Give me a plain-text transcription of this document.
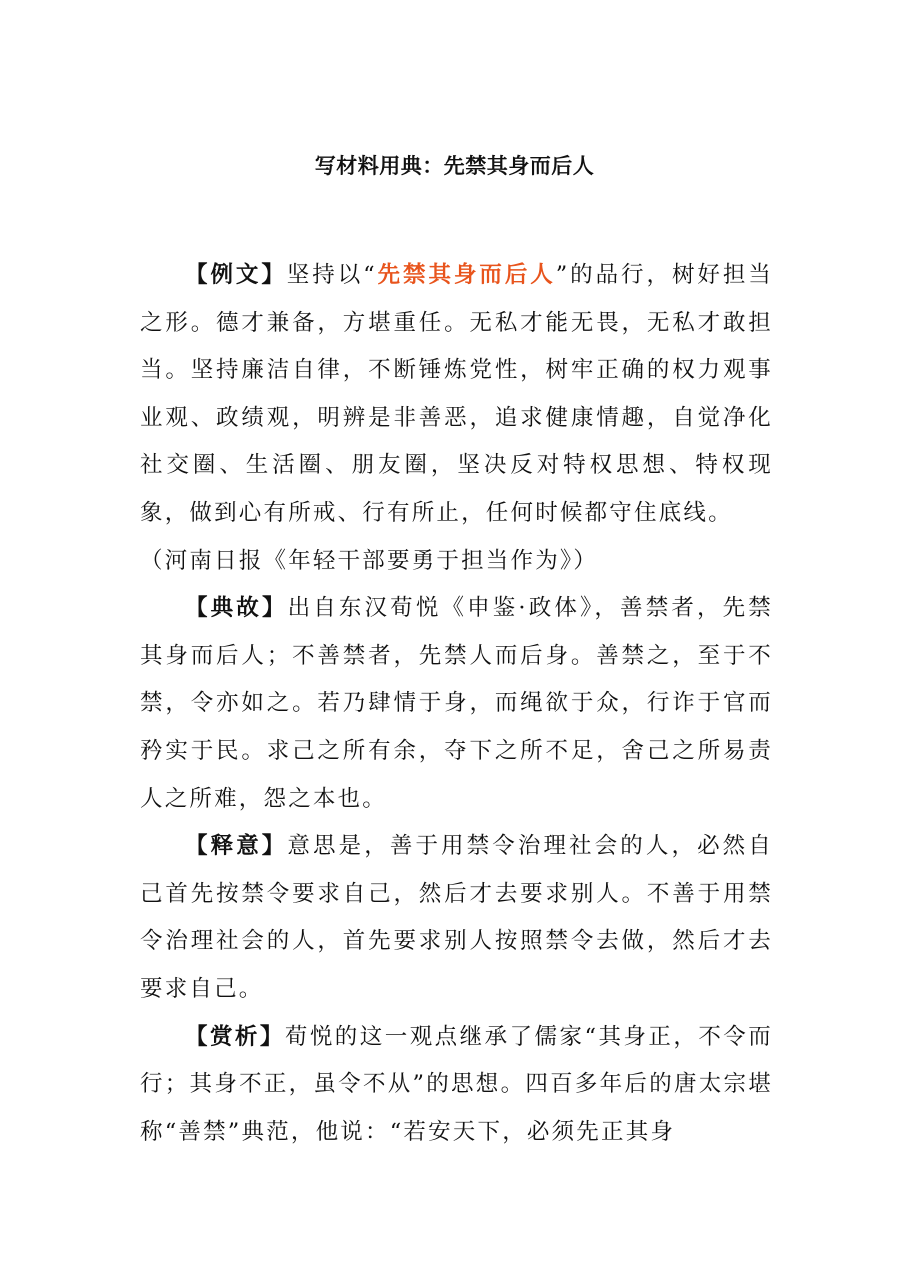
写材料用典：先禁其身而后人

【例文】坚持以“先禁其身而后人”的品行，树好担当之形。德才兼备，方堪重任。无私才能无畏，无私才敢担当。坚持廉洁自律，不断锤炼党性，树牢正确的权力观事业观、政绩观，明辨是非善恶，追求健康情趣，自觉净化社交圈、生活圈、朋友圈，坚决反对特权思想、特权现象，做到心有所戒、行有所止，任何时候都守住底线。

（河南日报《年轻干部要勇于担当作为》）

【典故】出自东汉荀悦《申鉴·政体》，善禁者，先禁其身而后人；不善禁者，先禁人而后身。善禁之，至于不禁，令亦如之。若乃肆情于身，而绳欲于众，行诈于官而矜实于民。求己之所有余，夺下之所不足，舍己之所易责人之所难，怨之本也。

【释意】意思是，善于用禁令治理社会的人，必然自己首先按禁令要求自己，然后才去要求别人。不善于用禁令治理社会的人，首先要求别人按照禁令去做，然后才去要求自己。

【赏析】荀悦的这一观点继承了儒家“其身正，不令而行；其身不正，虽令不从”的思想。四百多年后的唐太宗堪称“善禁”典范，他说：“若安天下，必须先正其身
